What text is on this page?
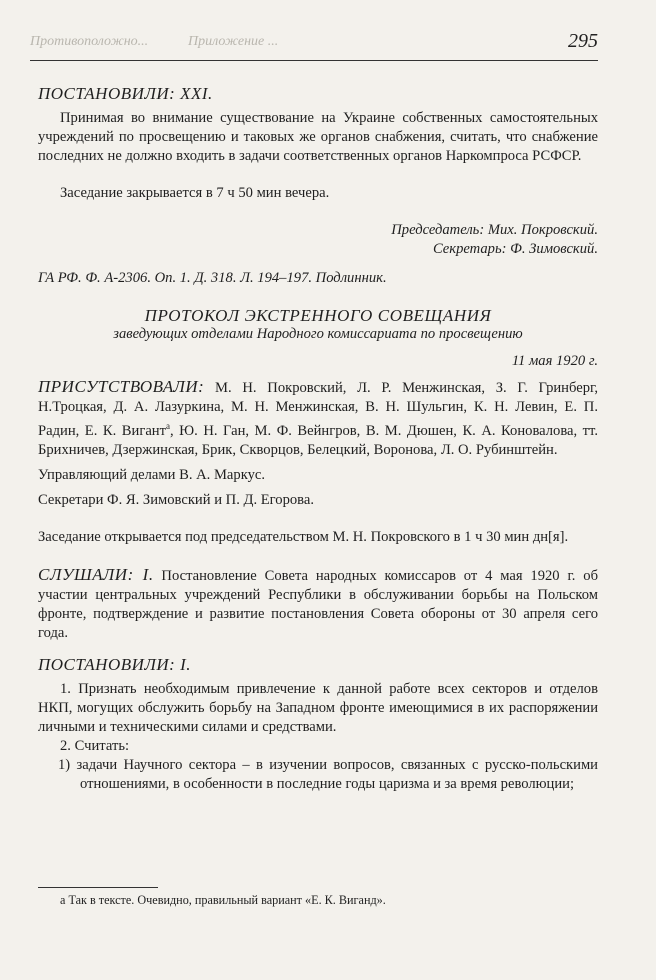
Противоположно...	Приложение ...	295

ПОСТАНОВИЛИ: XXI.

Принимая во внимание существование на Украине собственных самостоятельных учреждений по просвещению и таковых же органов снабжения, считать, что снабжение последних не должно входить в задачи соответственных органов Наркомпроса РСФСР.

Заседание закрывается в 7 ч 50 мин вечера.

Председатель: Мих. Покровский.

Секретарь: Ф. Зимовский.

ГА РФ. Ф. А-2306. Оп. 1. Д. 318. Л. 194–197. Подлинник.

ПРОТОКОЛ ЭКСТРЕННОГО СОВЕЩАНИЯ

заведующих отделами Народного комиссариата по просвещению

11 мая 1920 г.

ПРИСУТСТВОВАЛИ: М. Н. Покровский, Л. Р. Менжинская, З. Г. Гринберг, Н.Троцкая, Д. А. Лазуркина, М. Н. Менжинская, В. Н. Шульгин, К. Н. Левин, Е. П. Радин, Е. К. Вигант$^а$, Ю. Н. Ган, М. Ф. Вейнгров, В. М. Дюшен, К. А. Коновалова, тт. Брихничев, Дзержинская, Брик, Скворцов, Белецкий, Воронова, Л. О. Рубинштейн.

Управляющий делами В. А. Маркус.

Секретари Ф. Я. Зимовский и П. Д. Егорова.

Заседание открывается под председательством М. Н. Покровского в 1 ч 30 мин дн[я].

СЛУШАЛИ: I. Постановление Совета народных комиссаров от 4 мая 1920 г. об участии центральных учреждений Республики в обслуживании борьбы на Польском фронте, подтверждение и развитие постановления Совета обороны от 30 апреля сего года.

ПОСТАНОВИЛИ: I.

1. Признать необходимым привлечение к данной работе всех секторов и отделов НКП, могущих обслужить борьбу на Западном фронте имеющимися в их распоряжении личными и техническими силами и средствами.

2. Считать:

1) задачи Научного сектора – в изучении вопросов, связанных с русско-польскими отношениями, в особенности в последние годы царизма и за время революции;

а Так в тексте. Очевидно, правильный вариант «Е. К. Виганд».
